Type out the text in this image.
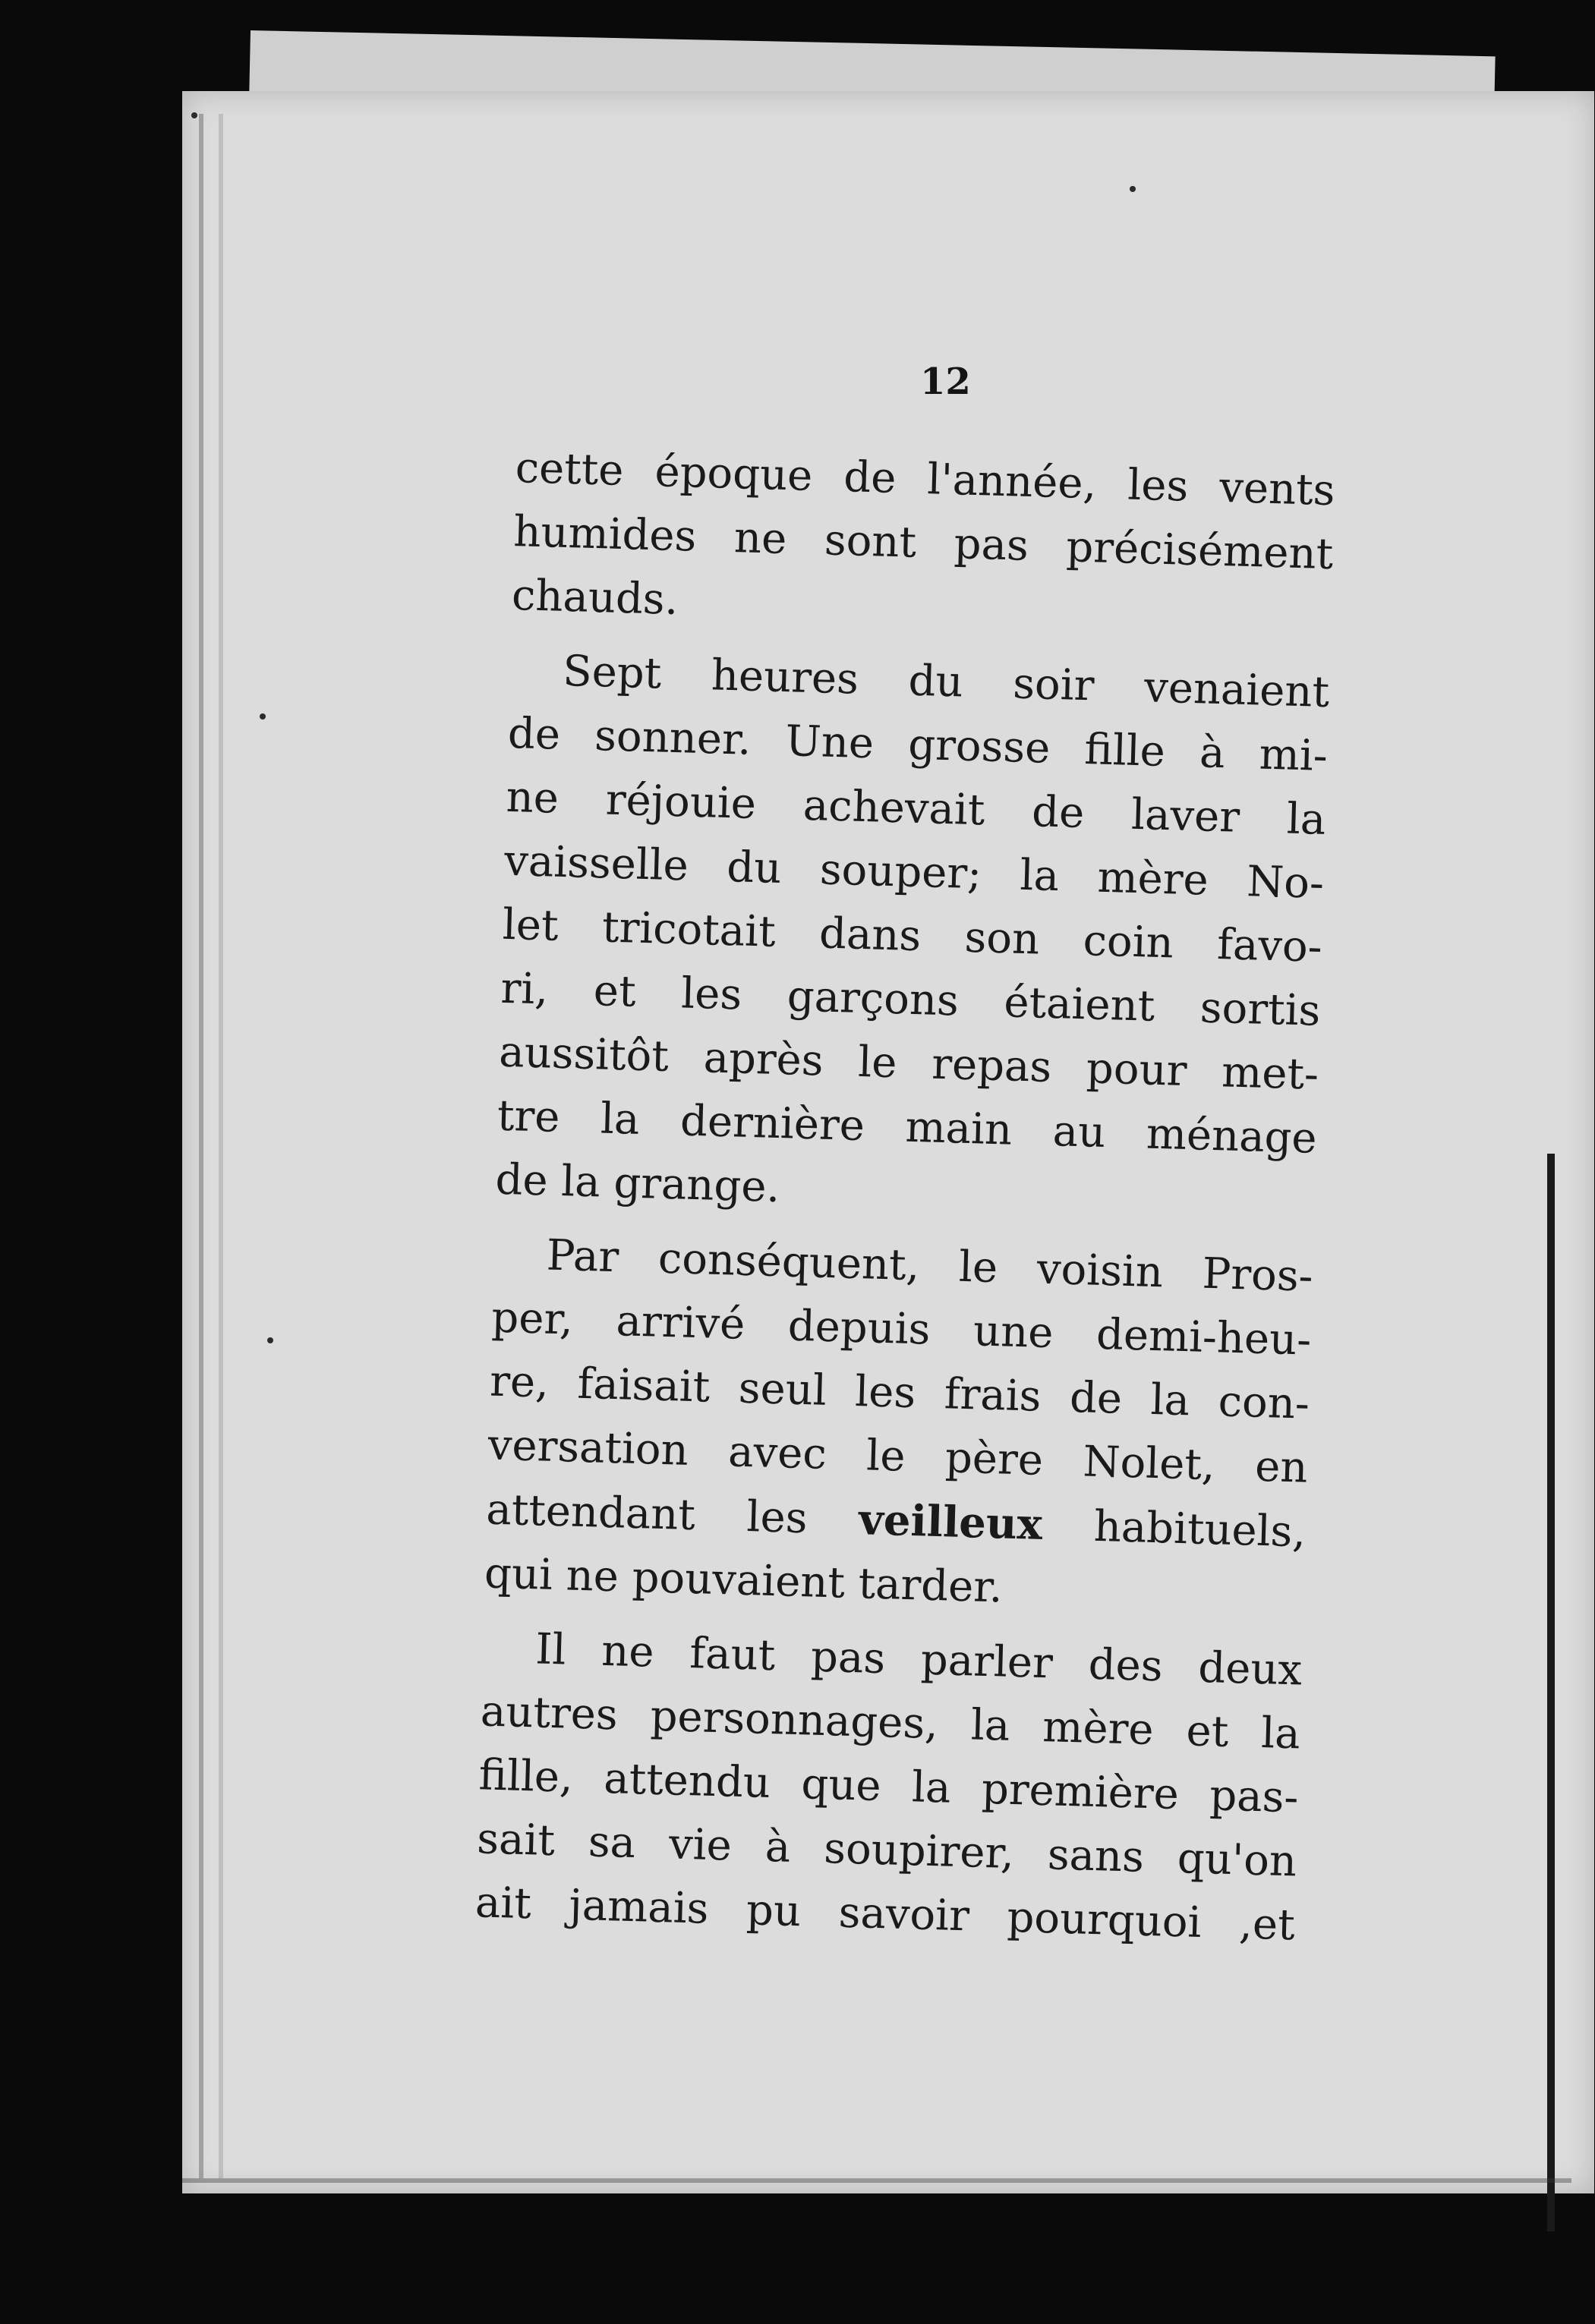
12
cette époque de l'année, les vents
humides ne sont pas précisément
chauds.
Sept heures du soir venaient
de sonner. Une grosse fille à mi-
ne réjouie achevait de laver la
vaisselle du souper; la mère No-
let tricotait dans son coin favo-
ri, et les garçons étaient sortis
aussitôt après le repas pour met-
tre la dernière main au ménage
de la grange.
Par conséquent, le voisin Pros-
per, arrivé depuis une demi-heu-
re, faisait seul les frais de la con-
versation avec le père Nolet, en
attendant les veilleux habituels,
qui ne pouvaient tarder.
Il ne faut pas parler des deux
autres personnages, la mère et la
fille, attendu que la première pas-
sait sa vie à soupirer, sans qu'on
ait jamais pu savoir pourquoi ,et
